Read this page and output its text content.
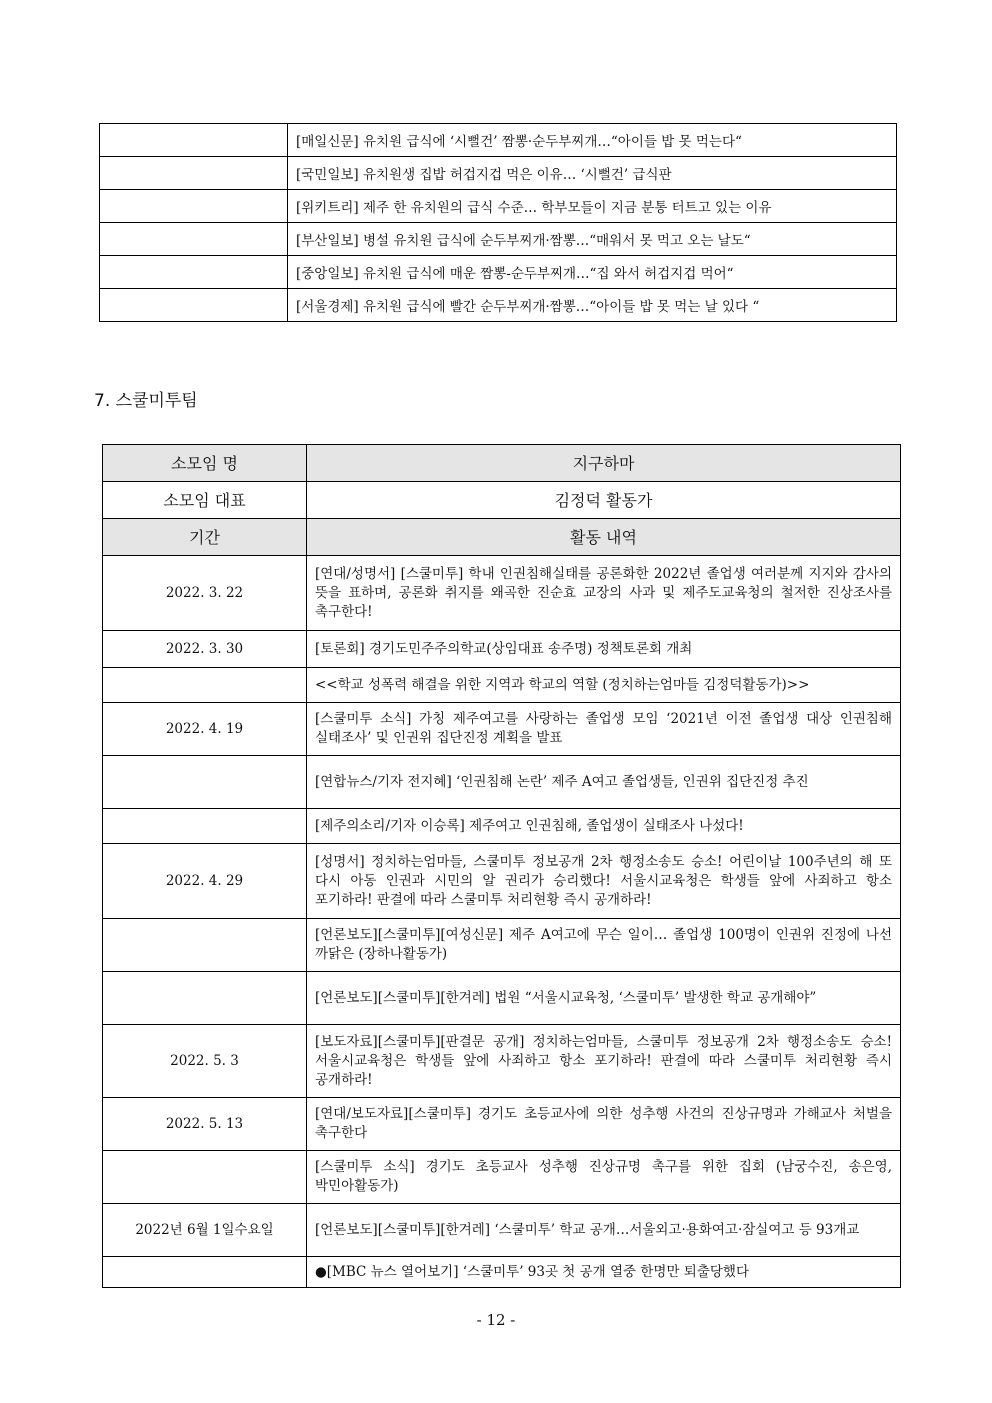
	[매일신문] 유치원 급식에 ‘시뻘건’ 짬뽕·순두부찌개…“아이들 밥 못 먹는다“
	[국민일보] 유치원생 집밥 허겁지겁 먹은 이유… ‘시뻘건’ 급식판
	[위키트리] 제주 한 유치원의 급식 수준… 학부모들이 지금 분통 터트고 있는 이유
	[부산일보] 병설 유치원 급식에 순두부찌개·짬뽕…“매워서 못 먹고 오는 날도“
	[중앙일보] 유치원 급식에 매운 짬뽕-순두부찌개…“집 와서 허겁지겁 먹어“
	[서울경제] 유치원 급식에 빨간 순두부찌개·짬뽕…“아이들 밥 못 먹는 날 있다 “
7. 스쿨미투팀
소모임 명	지구하마
소모임 대표	김정덕 활동가
기간	활동 내역
2022. 3. 22	[연대/성명서] [스쿨미투] 학내 인권침해실태를 공론화한 2022년 졸업생 여러분께 지지와 감사의 뜻을 표하며, 공론화 취지를 왜곡한 진순효 교장의 사과 및 제주도교육청의 철저한 진상조사를 촉구한다!
2022. 3. 30	[토론회] 경기도민주주의학교(상임대표 송주명) 정책토론회 개최
	<<학교 성폭력 해결을 위한 지역과 학교의 역할 (정치하는엄마들 김정덕활동가)>>
2022. 4. 19	[스쿨미투 소식] 가칭 제주여고를 사랑하는 졸업생 모임 ‘2021년 이전 졸업생 대상 인권침해 실태조사’ 및 인권위 집단진정 계획을 발표
	[연합뉴스/기자 전지혜] ‘인권침해 논란’ 제주 A여고 졸업생들, 인권위 집단진정 추진
	[제주의소리/기자 이승록] 제주여고 인권침해, 졸업생이 실태조사 나섰다!
2022. 4. 29	[성명서] 정치하는엄마들, 스쿨미투 정보공개 2차 행정소송도 승소! 어린이날 100주년의 해 또 다시 아동 인권과 시민의 알 권리가 승리했다! 서울시교육청은 학생들 앞에 사죄하고 항소 포기하라! 판결에 따라 스쿨미투 처리현황 즉시 공개하라!
	[언론보도][스쿨미투][여성신문] 제주 A여고에 무슨 일이… 졸업생 100명이 인권위 진정에 나선 까닭은 (장하나활동가)
	[언론보도][스쿨미투][한겨레] 법원 “서울시교육청, ‘스쿨미투’ 발생한 학교 공개해야”
2022. 5. 3	[보도자료][스쿨미투][판결문 공개] 정치하는엄마들, 스쿨미투 정보공개 2차 행정소송도 승소! 서울시교육청은 학생들 앞에 사죄하고 항소 포기하라! 판결에 따라 스쿨미투 처리현황 즉시 공개하라!
2022. 5. 13	[연대/보도자료][스쿨미투] 경기도 초등교사에 의한 성추행 사건의 진상규명과 가해교사 처벌을 촉구한다
	[스쿨미투 소식] 경기도 초등교사 성추행 진상규명 촉구를 위한 집회 (남궁수진, 송은영, 박민아활동가)
2022년 6월 1일수요일	[언론보도][스쿨미투][한겨레] ‘스쿨미투’ 학교 공개…서울외고·용화여고·잠실여고 등 93개교
	●[MBC 뉴스 열어보기] ‘스쿨미투’ 93곳 첫 공개 열중 한명만 퇴출당했다
- 12 -
